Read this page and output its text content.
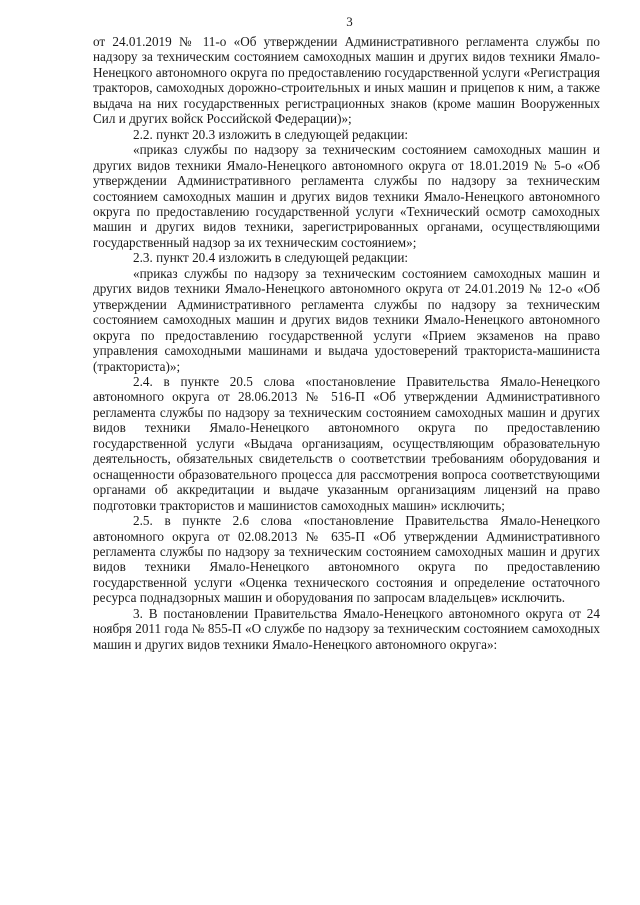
3

от 24.01.2019 № 11-о «Об утверждении Административного регламента службы по надзору за техническим состоянием самоходных машин и других видов техники Ямало-Ненецкого автономного округа по предоставлению государственной услуги «Регистрация тракторов, самоходных дорожно-строительных и иных машин и прицепов к ним, а также выдача на них государственных регистрационных знаков (кроме машин Вооруженных Сил и других войск Российской Федерации)»;

2.2. пункт 20.3 изложить в следующей редакции:

«приказ службы по надзору за техническим состоянием самоходных машин и других видов техники Ямало-Ненецкого автономного округа от 18.01.2019 № 5-о «Об утверждении Административного регламента службы по надзору за техническим состоянием самоходных машин и других видов техники Ямало-Ненецкого автономного округа по предоставлению государственной услуги «Технический осмотр самоходных машин и других видов техники, зарегистрированных органами, осуществляющими государственный надзор за их техническим состоянием»;

2.3. пункт 20.4 изложить в следующей редакции:

«приказ службы по надзору за техническим состоянием самоходных машин и других видов техники Ямало-Ненецкого автономного округа от 24.01.2019 № 12-о «Об утверждении Административного регламента службы по надзору за техническим состоянием самоходных машин и других видов техники Ямало-Ненецкого автономного округа по предоставлению государственной услуги «Прием экзаменов на право управления самоходными машинами и выдача удостоверений тракториста-машиниста (тракториста)»;

2.4. в пункте 20.5 слова «постановление Правительства Ямало-Ненецкого автономного округа от 28.06.2013 № 516-П «Об утверждении Административного регламента службы по надзору за техническим состоянием самоходных машин и других видов техники Ямало-Ненецкого автономного округа по предоставлению государственной услуги «Выдача организациям, осуществляющим образовательную деятельность, обязательных свидетельств о соответствии требованиям оборудования и оснащенности образовательного процесса для рассмотрения вопроса соответствующими органами об аккредитации и выдаче указанным организациям лицензий на право подготовки трактористов и машинистов самоходных машин» исключить;

2.5. в пункте 2.6 слова «постановление Правительства Ямало-Ненецкого автономного округа от 02.08.2013 № 635-П «Об утверждении Административного регламента службы по надзору за техническим состоянием самоходных машин и других видов техники Ямало-Ненецкого автономного округа по предоставлению государственной услуги «Оценка технического состояния и определение остаточного ресурса поднадзорных машин и оборудования по запросам владельцев» исключить.

3. В постановлении Правительства Ямало-Ненецкого автономного округа от 24 ноября 2011 года № 855-П «О службе по надзору за техническим состоянием самоходных машин и других видов техники Ямало-Ненецкого автономного округа»:
